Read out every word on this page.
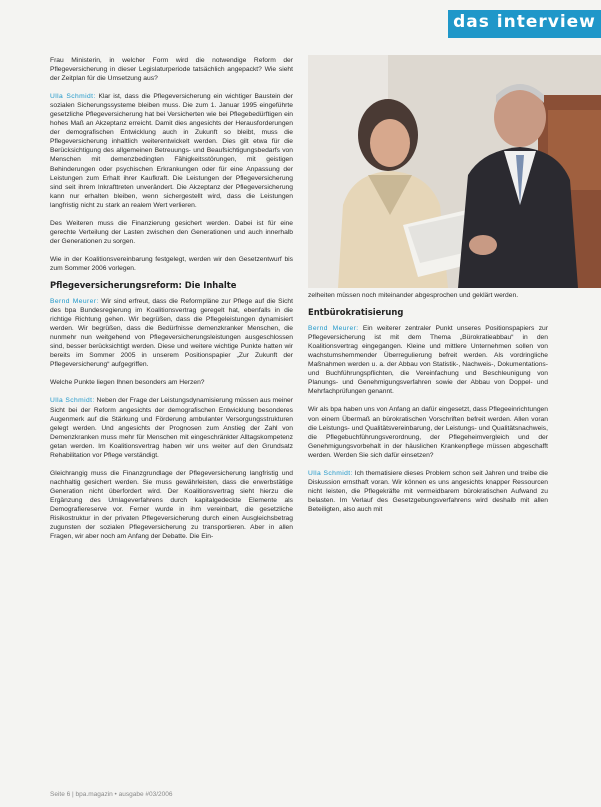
das interview

Frau Ministerin, in welcher Form wird die notwendige Reform der Pflegeversicherung in dieser Legislaturperiode tatsächlich angepackt? Wie sieht der Zeitplan für die Umsetzung aus?

Ulla Schmidt: Klar ist, dass die Pflegeversicherung ein wichtiger Baustein der sozialen Sicherungssysteme bleiben muss. Die zum 1. Januar 1995 eingeführte gesetzliche Pflegeversicherung hat bei Versicherten wie bei Pflegebedürftigen ein hohes Maß an Akzeptanz erreicht. Damit dies angesichts der Herausforderungen der demografischen Entwicklung auch in Zukunft so bleibt, muss die Pflegeversicherung inhaltlich weiterentwickelt werden. Dies gilt etwa für die Berücksichtigung des allgemeinen Betreuungs- und Beaufsichtigungsbedarfs von Menschen mit demenzbedingten Fähigkeitsstörungen, mit geistigen Behinderungen oder psychischen Erkrankungen oder für eine Anpassung der Leistungen zum Erhalt ihrer Kaufkraft. Die Leistungen der Pflegeversicherung sind seit ihrem Inkrafttreten unverändert. Die Akzeptanz der Pflegeversicherung kann nur erhalten bleiben, wenn sichergestellt wird, dass die Leistungen langfristig nicht zu stark an realem Wert verlieren.

Des Weiteren muss die Finanzierung gesichert werden. Dabei ist für eine gerechte Verteilung der Lasten zwischen den Generationen und auch innerhalb der Generationen zu sorgen.

Wie in der Koalitionsvereinbarung festgelegt, werden wir den Gesetzentwurf bis zum Sommer 2006 vorlegen.

Pflegeversicherungsreform: Die Inhalte

Bernd Meurer: Wir sind erfreut, dass die Reformpläne zur Pflege auf die Sicht des bpa Bundesregierung im Koalitionsvertrag geregelt hat, ebenfalls in die richtige Richtung gehen. Wir begrüßen, dass die Pflegeleistungen dynamisiert werden. Wir begrüßen, dass die Bedürfnisse demenzkranker Menschen, die nunmehr nun weitgehend von Pflegeversicherungsleistungen ausgeschlossen sind, besser berücksichtigt werden. Diese und weitere wichtige Punkte hatten wir bereits im Sommer 2005 in unserem Positionspapier „Zur Zukunft der Pflegeversicherung“ aufgegriffen.

Welche Punkte liegen Ihnen besonders am Herzen?

Ulla Schmidt: Neben der Frage der Leistungsdynamisierung müssen aus meiner Sicht bei der Reform angesichts der demografischen Entwicklung besonderes Augenmerk auf die Stärkung und Förderung ambulanter Versorgungsstrukturen gelegt werden. Und angesichts der Prognosen zum Anstieg der Zahl von Demenzkranken muss mehr für Menschen mit eingeschränkter Alltagskompetenz getan werden. Im Koalitionsvertrag haben wir uns weiter auf den Grundsatz Rehabilitation vor Pflege verständigt.

Gleichrangig muss die Finanzgrundlage der Pflegeversicherung langfristig und nachhaltig gesichert werden. Sie muss gewährleisten, dass die erwerbstätige Generation nicht überfordert wird. Der Koalitionsvertrag sieht hierzu die Ergänzung des Umlageverfahrens durch kapitalgedeckte Elemente als Demografiereserve vor. Ferner wurde in ihm vereinbart, die gesetzliche Risikostruktur in der privaten Pflegeversicherung durch einen Ausgleichsbetrag zugunsten der sozialen Pflegeversicherung zu transportieren. Aber in allen Fragen, wir aber noch am Anfang der Debatte. Die Ein-

zelheiten müssen noch miteinander abgesprochen und geklärt werden.

Entbürokratisierung

Bernd Meurer: Ein weiterer zentraler Punkt unseres Positionspapiers zur Pflegeversicherung ist mit dem Thema „Bürokratieabbau“ in den Koalitionsvertrag eingegangen. Kleine und mittlere Unternehmen sollen von wachstumshemmender Überregulierung befreit werden. Als vordringliche Maßnahmen werden u. a. der Abbau von Statistik-, Nachweis-, Dokumentations- und Buchführungspflichten, die Vereinfachung und Beschleunigung von Planungs- und Genehmigungsverfahren sowie der Abbau von Doppel- und Mehrfachprüfungen genannt.

Wir als bpa haben uns von Anfang an dafür eingesetzt, dass Pflegeeinrichtungen von einem Übermaß an bürokratischen Vorschriften befreit werden. Allen voran die Leistungs- und Qualitätsvereinbarung, der Leistungs- und Qualitätsnachweis, die Pflegebuchführungsverordnung, der Pflegeheimvergleich und der Genehmigungsvorbehalt in der häuslichen Krankenpflege müssen abgeschafft werden. Werden Sie sich dafür einsetzen?

Ulla Schmidt: Ich thematisiere dieses Problem schon seit Jahren und treibe die Diskussion ernsthaft voran. Wir können es uns angesichts knapper Ressourcen nicht leisten, die Pflegekräfte mit vermeidbarem bürokratischen Aufwand zu belasten. Im Verlauf des Gesetzgebungsverfahrens wird deshalb mit allen Beteiligten, also auch mit

Seite 6 | bpa.magazin • ausgabe #03/2006
